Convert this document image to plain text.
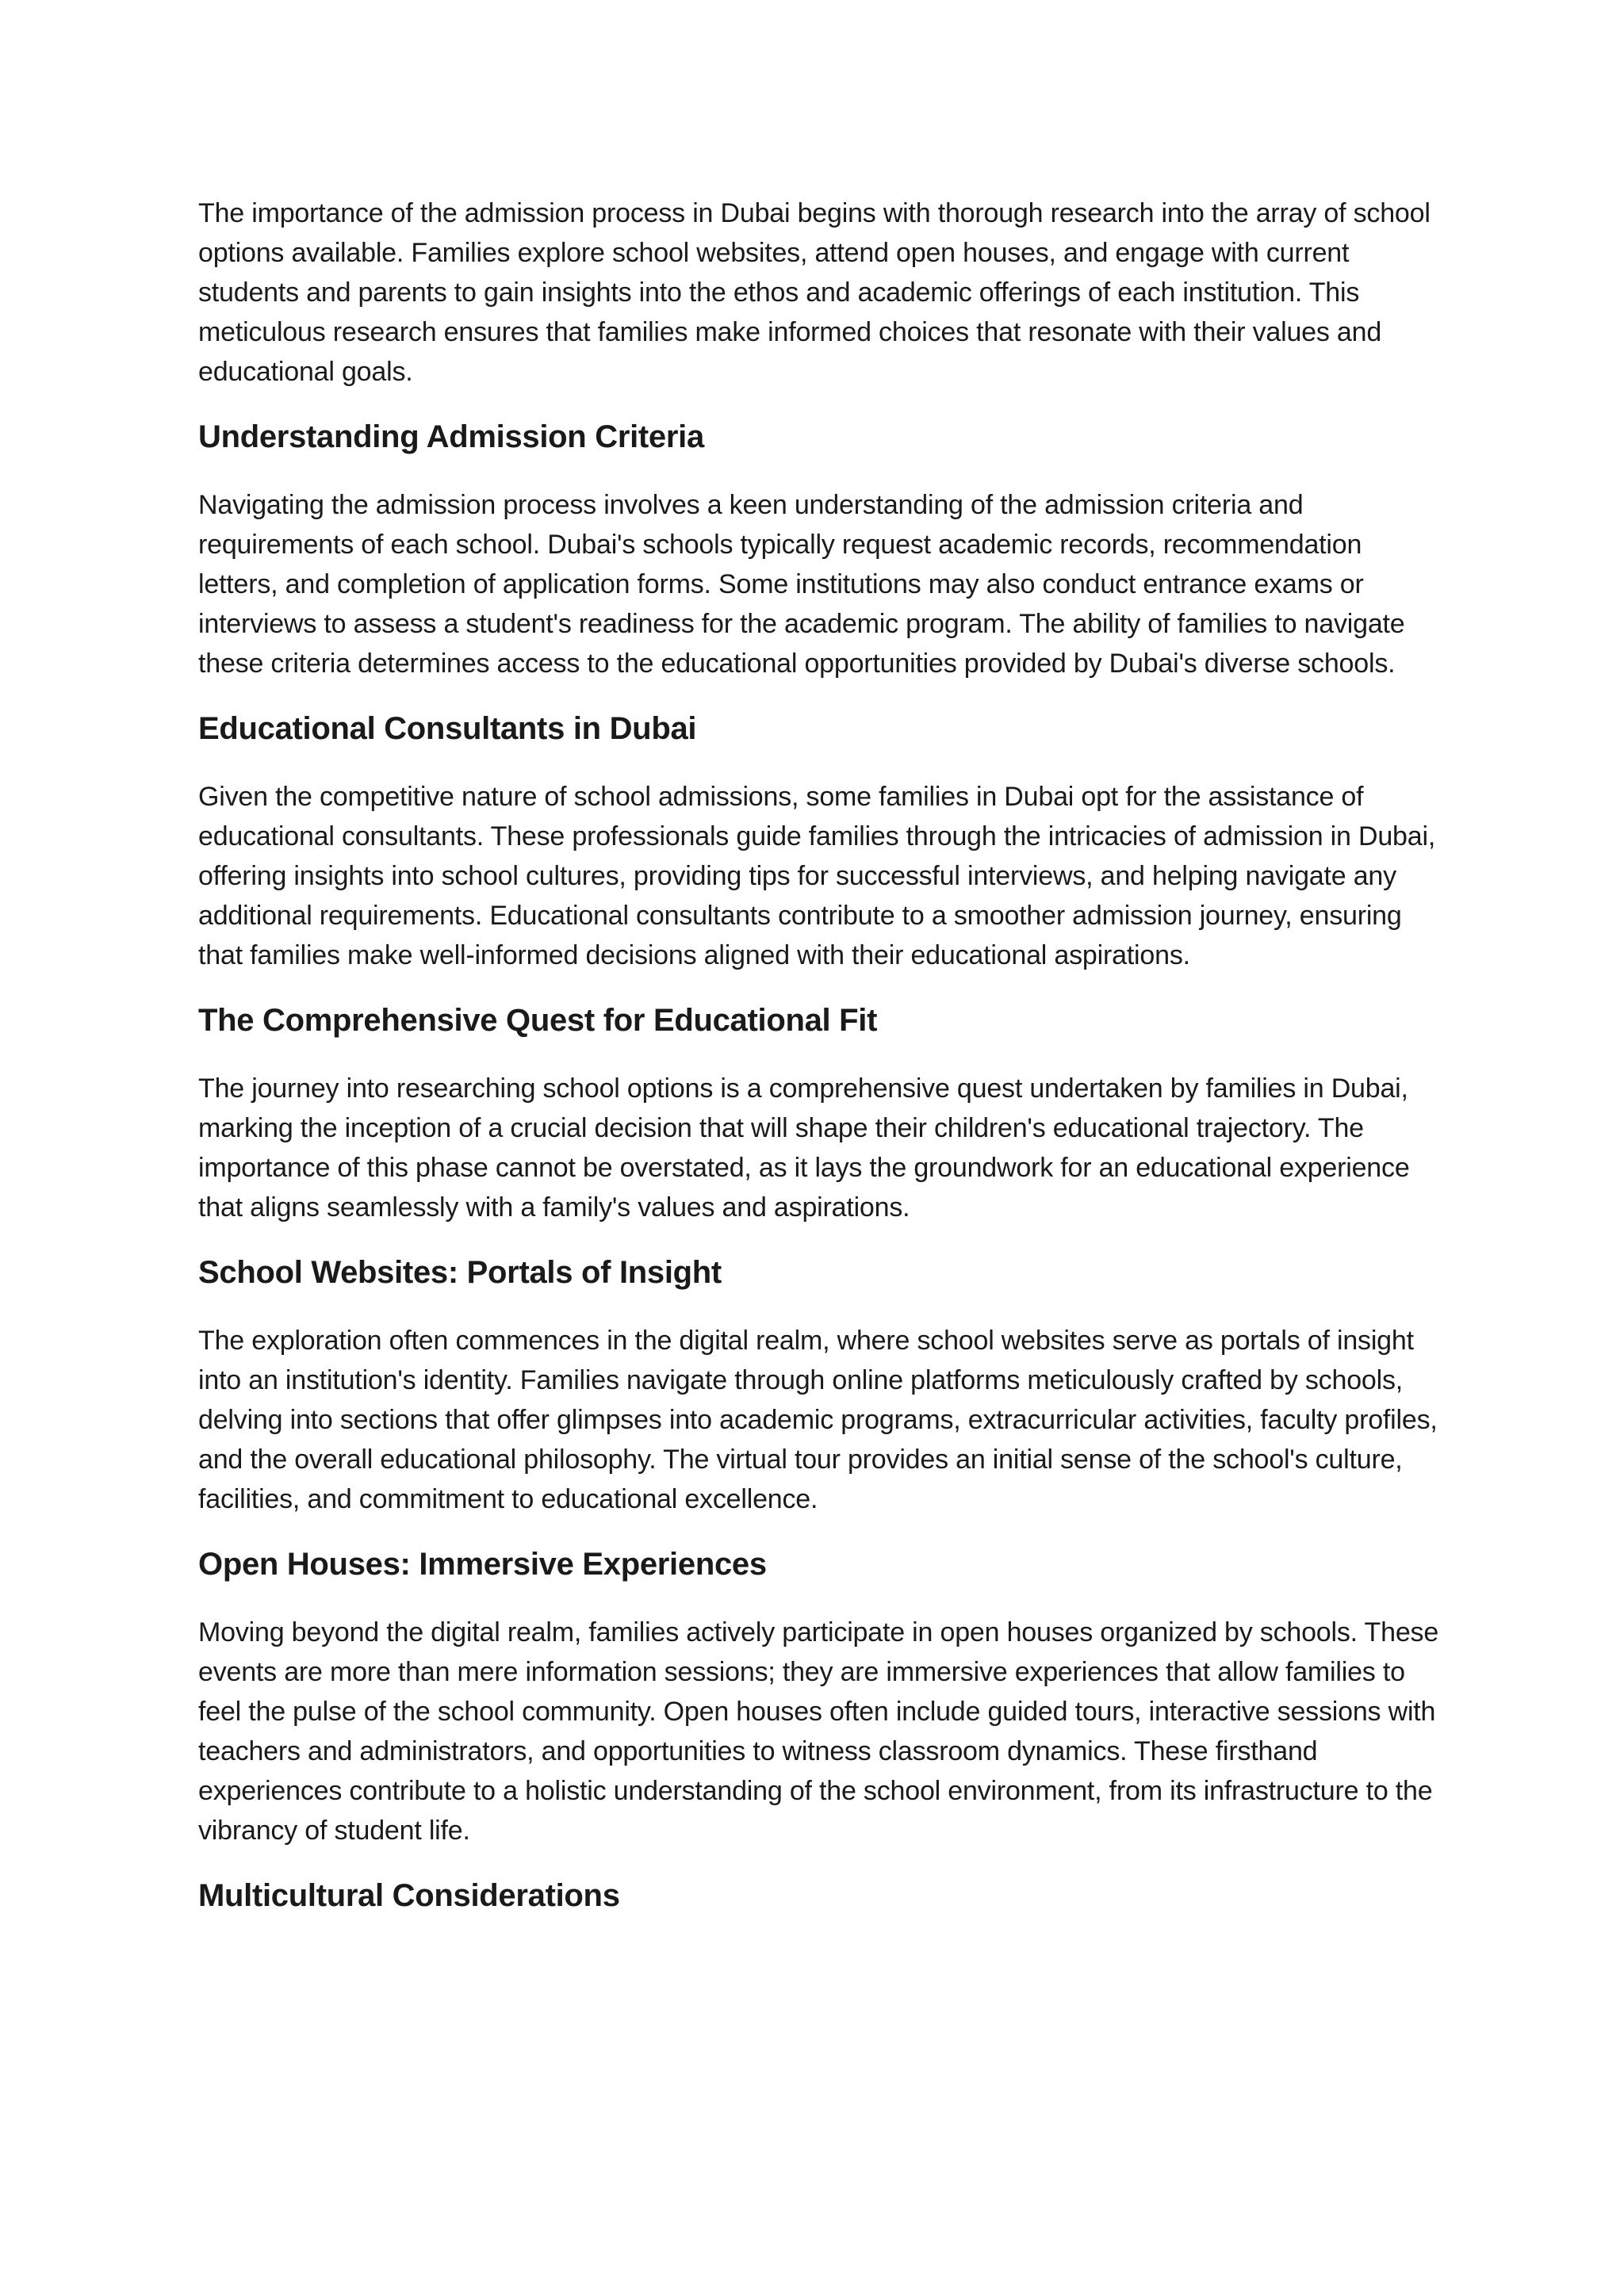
The importance of the admission process in Dubai begins with thorough research into the array of school options available. Families explore school websites, attend open houses, and engage with current students and parents to gain insights into the ethos and academic offerings of each institution. This meticulous research ensures that families make informed choices that resonate with their values and educational goals.

Understanding Admission Criteria

Navigating the admission process involves a keen understanding of the admission criteria and requirements of each school. Dubai's schools typically request academic records, recommendation letters, and completion of application forms. Some institutions may also conduct entrance exams or interviews to assess a student's readiness for the academic program. The ability of families to navigate these criteria determines access to the educational opportunities provided by Dubai's diverse schools.

Educational Consultants in Dubai

Given the competitive nature of school admissions, some families in Dubai opt for the assistance of educational consultants. These professionals guide families through the intricacies of admission in Dubai, offering insights into school cultures, providing tips for successful interviews, and helping navigate any additional requirements. Educational consultants contribute to a smoother admission journey, ensuring that families make well-informed decisions aligned with their educational aspirations.

The Comprehensive Quest for Educational Fit

The journey into researching school options is a comprehensive quest undertaken by families in Dubai, marking the inception of a crucial decision that will shape their children's educational trajectory. The importance of this phase cannot be overstated, as it lays the groundwork for an educational experience that aligns seamlessly with a family's values and aspirations.

School Websites: Portals of Insight

The exploration often commences in the digital realm, where school websites serve as portals of insight into an institution's identity. Families navigate through online platforms meticulously crafted by schools, delving into sections that offer glimpses into academic programs, extracurricular activities, faculty profiles, and the overall educational philosophy. The virtual tour provides an initial sense of the school's culture, facilities, and commitment to educational excellence.

Open Houses: Immersive Experiences

Moving beyond the digital realm, families actively participate in open houses organized by schools. These events are more than mere information sessions; they are immersive experiences that allow families to feel the pulse of the school community. Open houses often include guided tours, interactive sessions with teachers and administrators, and opportunities to witness classroom dynamics. These firsthand experiences contribute to a holistic understanding of the school environment, from its infrastructure to the vibrancy of student life.

Multicultural Considerations
